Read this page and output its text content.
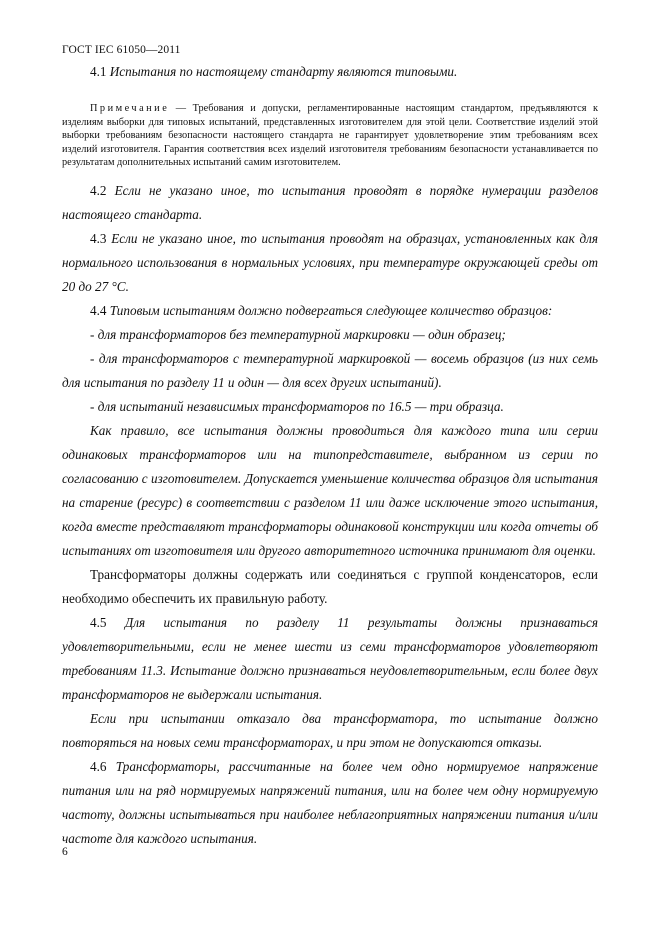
ГОСТ IEC 61050—2011

4.1 Испытания по настоящему стандарту являются типовыми.

Примечание — Требования и допуски, регламентированные настоящим стандартом, предъявляются к изделиям выборки для типовых испытаний, представленных изготовителем для этой цели. Соответствие изделий этой выборки требованиям безопасности настоящего стандарта не гарантирует удовлетворение этим требованиям всех изделий изготовителя. Гарантия соответствия всех изделий изготовителя требованиям безопасности устанавливается по результатам дополнительных испытаний самим изготовителем.

4.2 Если не указано иное, то испытания проводят в порядке нумерации разделов настоящего стандарта.

4.3 Если не указано иное, то испытания проводят на образцах, установленных как для нормального использования в нормальных условиях, при температуре окружающей среды от 20 до 27 °С.

4.4 Типовым испытаниям должно подвергаться следующее количество образцов:

- для трансформаторов без температурной маркировки — один образец;

- для трансформаторов с температурной маркировкой — восемь образцов (из них семь для испытания по разделу 11 и один — для всех других испытаний).

- для испытаний независимых трансформаторов по 16.5 — три образца.

Как правило, все испытания должны проводиться для каждого типа или серии одинаковых трансформаторов или на типопредставителе, выбранном из серии по согласованию с изготовителем. Допускается уменьшение количества образцов для испытания на старение (ресурс) в соответствии с разделом 11 или даже исключение этого испытания, когда вместе представляют трансформаторы одинаковой конструкции или когда отчеты об испытаниях от изготовителя или другого авторитетного источника принимают для оценки.

Трансформаторы должны содержать или соединяться с группой конденсаторов, если необходимо обеспечить их правильную работу.

4.5 Для испытания по разделу 11 результаты должны признаваться удовлетворительными, если не менее шести из семи трансформаторов удовлетворяют требованиям 11.3. Испытание должно признаваться неудовлетворительным, если более двух трансформаторов не выдержали испытания.

Если при испытании отказало два трансформатора, то испытание должно повторяться на новых семи трансформаторах, и при этом не допускаются отказы.

4.6 Трансформаторы, рассчитанные на более чем одно нормируемое напряжение питания или на ряд нормируемых напряжений питания, или на более чем одну нормируемую частоту, должны испытываться при наиболее неблагоприятных напряжении питания и/или частоте для каждого испытания.

6
